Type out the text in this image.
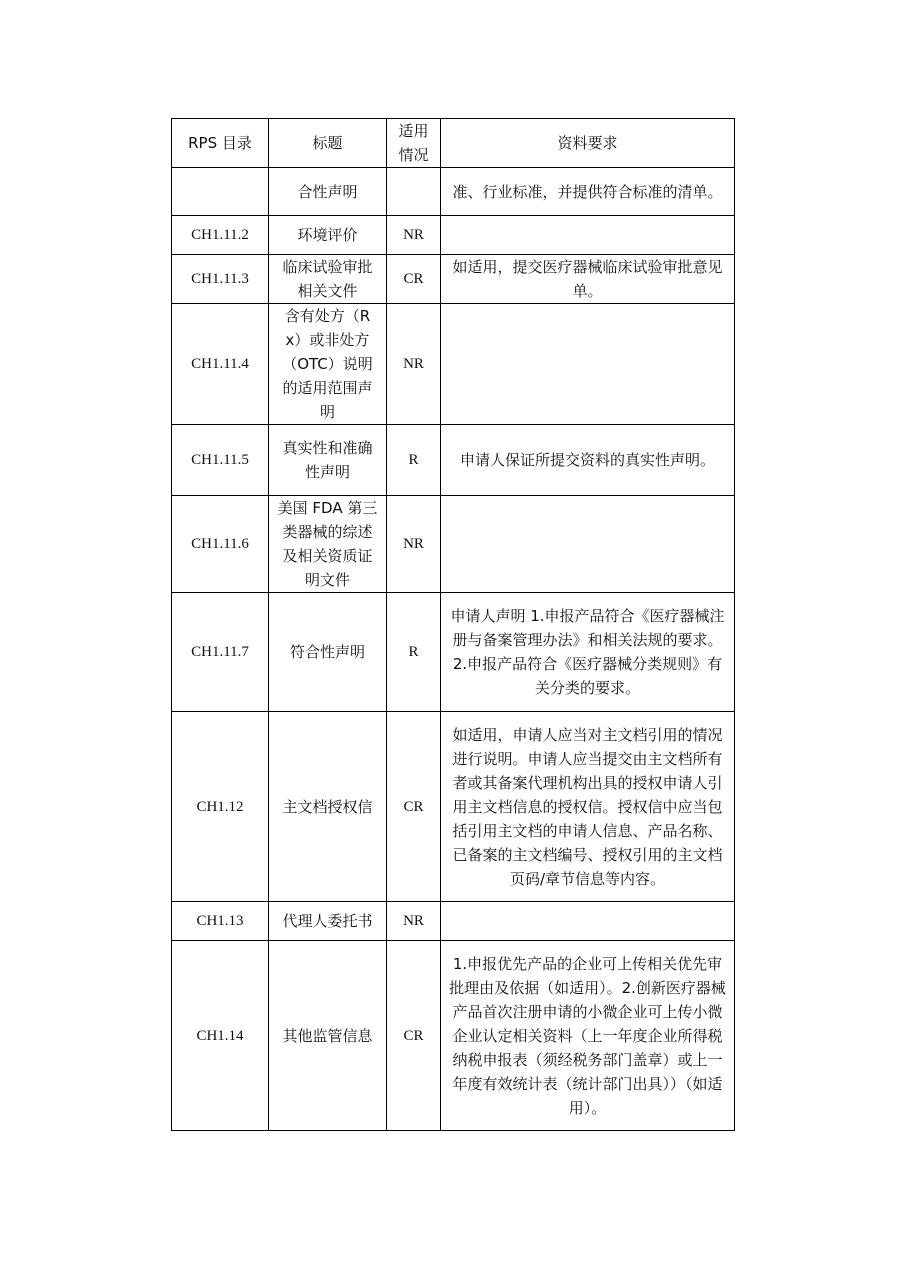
RPS 目录	标题	适用情况	资料要求
	合性声明		准、行业标准，并提供符合标准的清单。

CH1.11.2	环境评价	NR	
CH1.11.3	临床试验审批相关文件	CR	如适用，提交医疗器械临床试验审批意见单。

CH1.11.4	含有处方（Rx）或非处方（OTC）说明的适用范围声明	NR	
CH1.11.5	真实性和准确性声明	R	申请人保证所提交资料的真实性声明。

CH1.11.6	美国 FDA 第三类器械的综述及相关资质证明文件	NR	
CH1.11.7	符合性声明	R	申请人声明 1.申报产品符合《医疗器械注册与备案管理办法》和相关法规的要求。
2.申报产品符合《医疗器械分类规则》有关分类的要求。

CH1.12	主文档授权信	CR	如适用，申请人应当对主文档引用的情况进行说明。申请人应当提交由主文档所有者或其备案代理机构出具的授权申请人引用主文档信息的授权信。授权信中应当包括引用主文档的申请人信息、产品名称、已备案的主文档编号、授权引用的主文档页码/章节信息等内容。

CH1.13	代理人委托书	NR	
CH1.14	其他监管信息	CR	1.申报优先产品的企业可上传相关优先审批理由及依据（如适用）。2.创新医疗器械产品首次注册申请的小微企业可上传小微企业认定相关资料（上一年度企业所得税纳税申报表（须经税务部门盖章）或上一年度有效统计表（统计部门出具））（如适用）。
